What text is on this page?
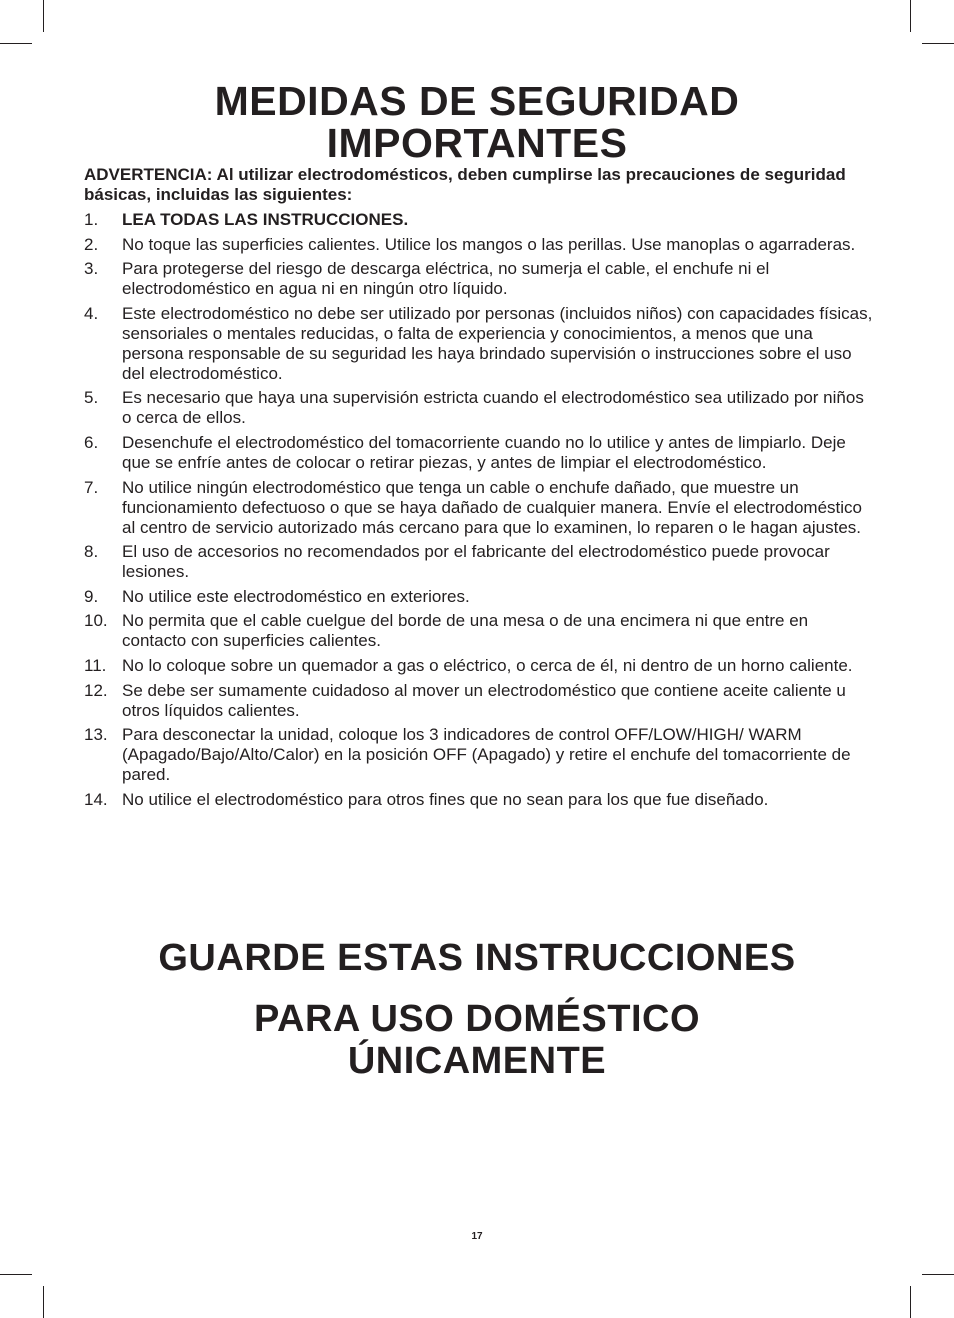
MEDIDAS DE SEGURIDAD
IMPORTANTES
ADVERTENCIA: Al utilizar electrodomésticos, deben cumplirse las precauciones de seguridad básicas, incluidas las siguientes:
1.	LEA TODAS LAS INSTRUCCIONES.
2.	No toque las superficies calientes. Utilice los mangos o las perillas. Use manoplas o agarraderas.
3.	Para protegerse del riesgo de descarga eléctrica, no sumerja el cable, el enchufe ni el electrodoméstico en agua ni en ningún otro líquido.
4.	Este electrodoméstico no debe ser utilizado por personas (incluidos niños) con capacidades físicas, sensoriales o mentales reducidas, o falta de experiencia y conocimientos, a menos que una persona responsable de su seguridad les haya brindado supervisión o instrucciones sobre el uso del electrodoméstico.
5.	Es necesario que haya una supervisión estricta cuando el electrodoméstico sea utilizado por niños o cerca de ellos.
6.	Desenchufe el electrodoméstico del tomacorriente cuando no lo utilice y antes de limpiarlo. Deje que se enfríe antes de colocar o retirar piezas, y antes de limpiar el electrodoméstico.
7.	No utilice ningún electrodoméstico que tenga un cable o enchufe dañado, que muestre un funcionamiento defectuoso o que se haya dañado de cualquier manera. Envíe el electrodoméstico al centro de servicio autorizado más cercano para que lo examinen, lo reparen o le hagan ajustes.
8.	El uso de accesorios no recomendados por el fabricante del electrodoméstico puede provocar lesiones.
9.	No utilice este electrodoméstico en exteriores.
10. No permita que el cable cuelgue del borde de una mesa o de una encimera ni que entre en contacto con superficies calientes.
11. No lo coloque sobre un quemador a gas o eléctrico, o cerca de él, ni dentro de un horno caliente.
12. Se debe ser sumamente cuidadoso al mover un electrodoméstico que contiene aceite caliente u otros líquidos calientes.
13. Para desconectar la unidad, coloque los 3 indicadores de control OFF/LOW/HIGH/ WARM (Apagado/Bajo/Alto/Calor) en la posición OFF (Apagado) y retire el enchufe del tomacorriente de pared.
14. No utilice el electrodoméstico para otros fines que no sean para los que fue diseñado.
GUARDE ESTAS INSTRUCCIONES
PARA USO DOMÉSTICO
ÚNICAMENTE
17
